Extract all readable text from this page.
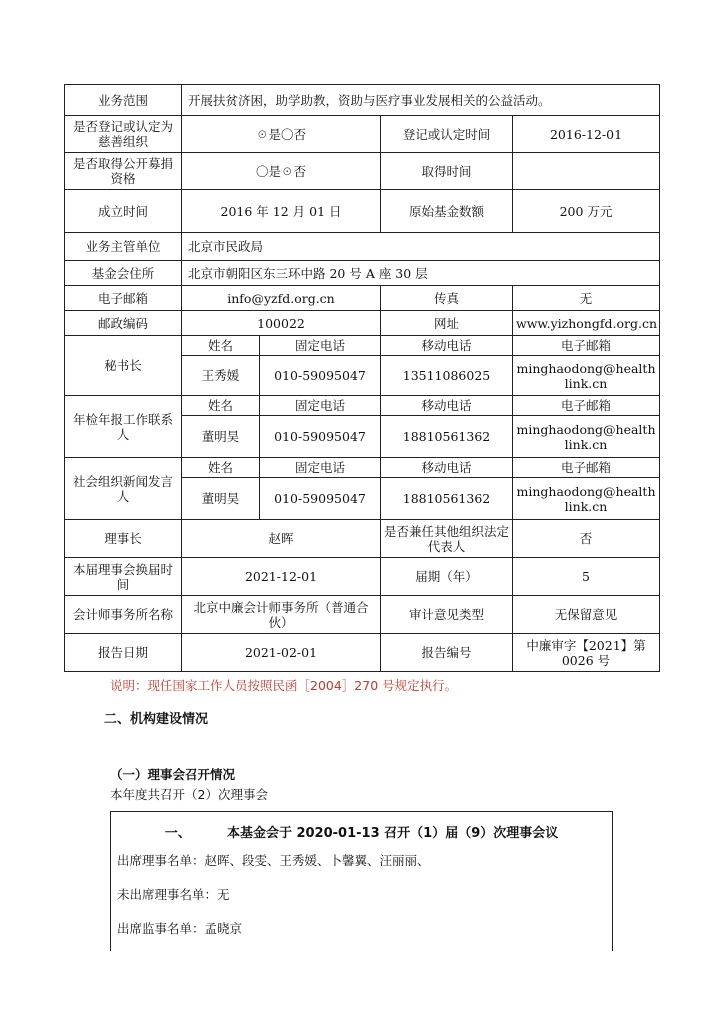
业务范围	开展扶贫济困，助学助教，资助与医疗事业发展相关的公益活动。			
是否登记或认定为慈善组织	☉是〇否		登记或认定时间	2016-12-01
是否取得公开募捐资格	〇是☉否		取得时间	
成立时间	2016 年 12 月 01 日		原始基金数额	200 万元
业务主管单位	北京市民政局			
基金会住所	北京市朝阳区东三环中路 20 号 A 座 30 层			
电子邮箱	info@yzfd.org.cn		传真	无
邮政编码	100022		网址	www.yizhongfd.org.cn
秘书长	姓名	固定电话	移动电话	电子邮箱
	王秀媛	010-59095047	13511086025	minghaodong@healthlink.cn
年检年报工作联系人	姓名	固定电话	移动电话	电子邮箱
	董明昊	010-59095047	18810561362	minghaodong@healthlink.cn
社会组织新闻发言人	姓名	固定电话	移动电话	电子邮箱
	董明昊	010-59095047	18810561362	minghaodong@healthlink.cn
理事长	赵晖		是否兼任其他组织法定代表人	否
本届理事会换届时间	2021-12-01		届期（年）	5
会计师事务所名称	北京中廉会计师事务所（普通合伙）		审计意见类型	无保留意见
报告日期	2021-02-01		报告编号	中廉审字【2021】第 0026 号
说明：现任国家工作人员按照民函［2004］270 号规定执行。
二、机构建设情况
（一）理事会召开情况
本年度共召开（2）次理事会
一、        本基金会于 2020-01-13 召开（1）届（9）次理事会议
出席理事名单：赵晖、段雯、王秀媛、卜馨翼、汪丽丽、
未出席理事名单：无
出席监事名单：孟晓京
